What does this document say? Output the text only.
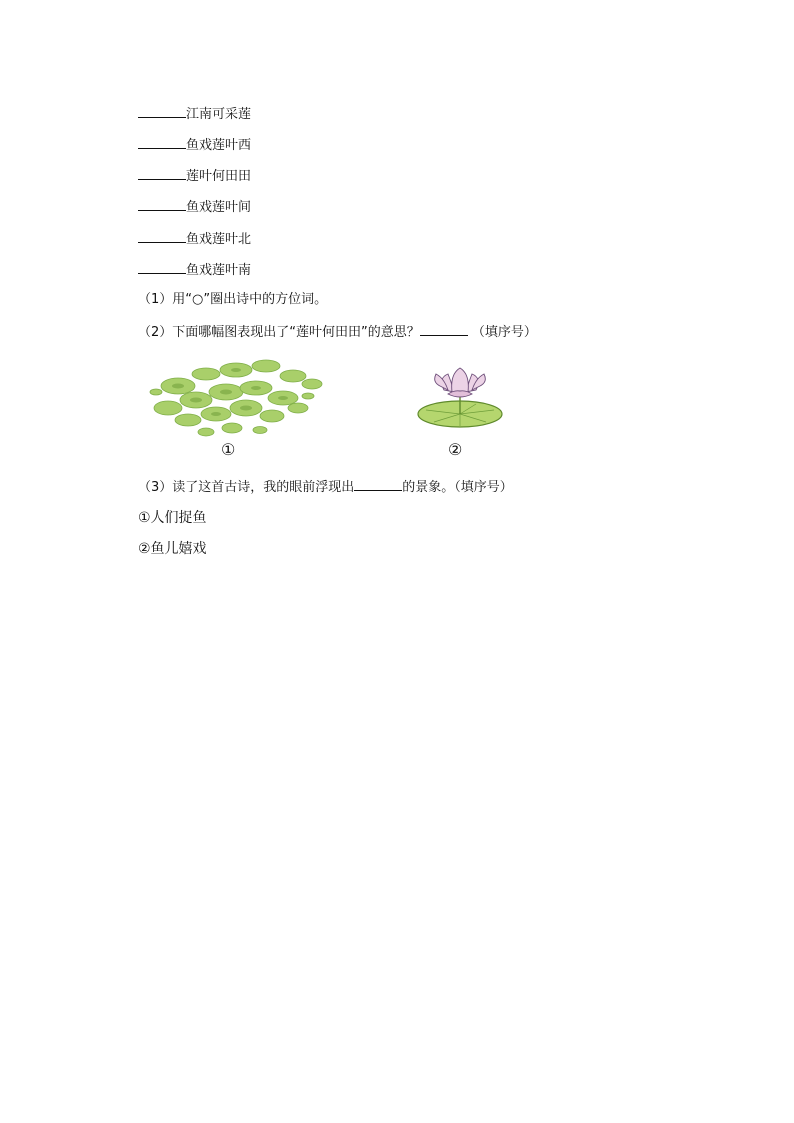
江南可采莲
鱼戏莲叶西
莲叶何田田
鱼戏莲叶间
鱼戏莲叶北
鱼戏莲叶南
（1）用“○”圈出诗中的方位词。
（2）下面哪幅图表现出了“莲叶何田田”的意思？	（填序号）
①	②
（3）读了这首古诗，我的眼前浮现出	的景象。（填序号）
①人们捉鱼
②鱼儿嬉戏
